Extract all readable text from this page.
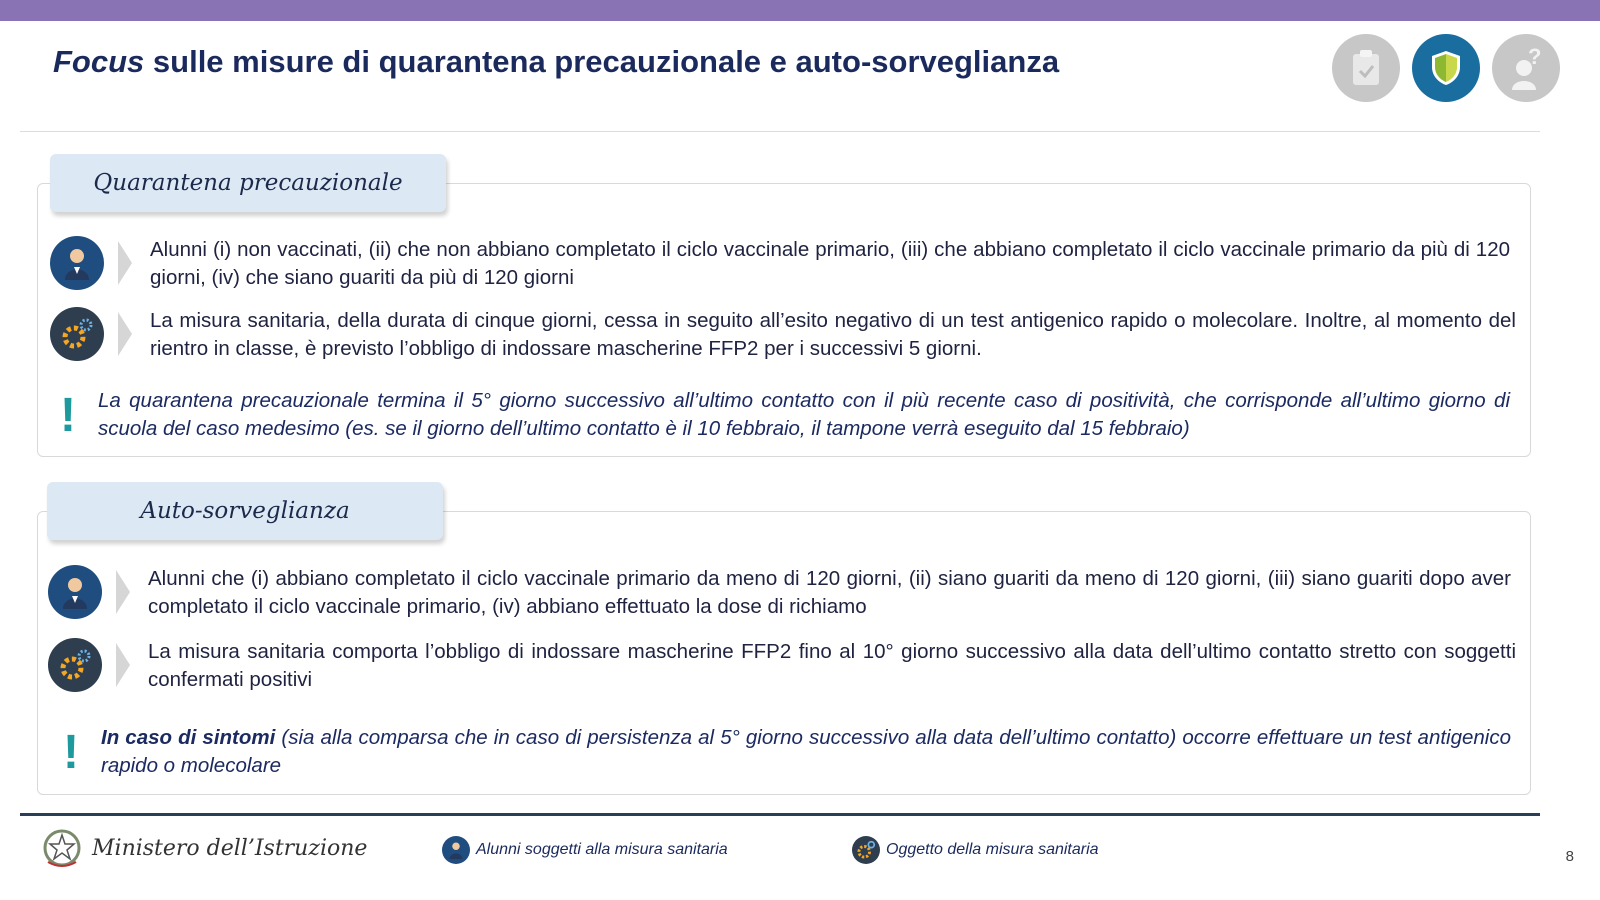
Focus sulle misure di quarantena precauzionale e auto-sorveglianza	?
Quarantena precauzionale
Alunni (i) non vaccinati, (ii) che non abbiano completato il ciclo vaccinale primario, (iii) che abbiano completato il ciclo vaccinale primario da più di 120 giorni, (iv) che siano guariti da più di 120 giorni
La misura sanitaria, della durata di cinque giorni, cessa in seguito all’esito negativo di un test antigenico rapido o molecolare. Inoltre, al momento del rientro in classe, è previsto l’obbligo di indossare mascherine FFP2 per i successivi 5 giorni.
!	La quarantena precauzionale termina il 5° giorno successivo all’ultimo contatto con il più recente caso di positività, che corrisponde all’ultimo giorno di scuola del caso medesimo (es. se il giorno dell’ultimo contatto è il 10 febbraio, il tampone verrà eseguito dal 15 febbraio)
Auto-sorveglianza
Alunni che (i) abbiano completato il ciclo vaccinale primario da meno di 120 giorni, (ii) siano guariti da meno di 120 giorni, (iii) siano guariti dopo aver completato il ciclo vaccinale primario, (iv) abbiano effettuato la dose di richiamo
La misura sanitaria comporta l’obbligo di indossare mascherine FFP2 fino al 10° giorno successivo alla data dell’ultimo contatto stretto con soggetti confermati positivi
!	In caso di sintomi (sia alla comparsa che in caso di persistenza al 5° giorno successivo alla data dell’ultimo contatto) occorre effettuare un test antigenico rapido o molecolare
Ministero dell’Istruzione	Alunni soggetti alla misura sanitaria	Oggetto della misura sanitaria	8
